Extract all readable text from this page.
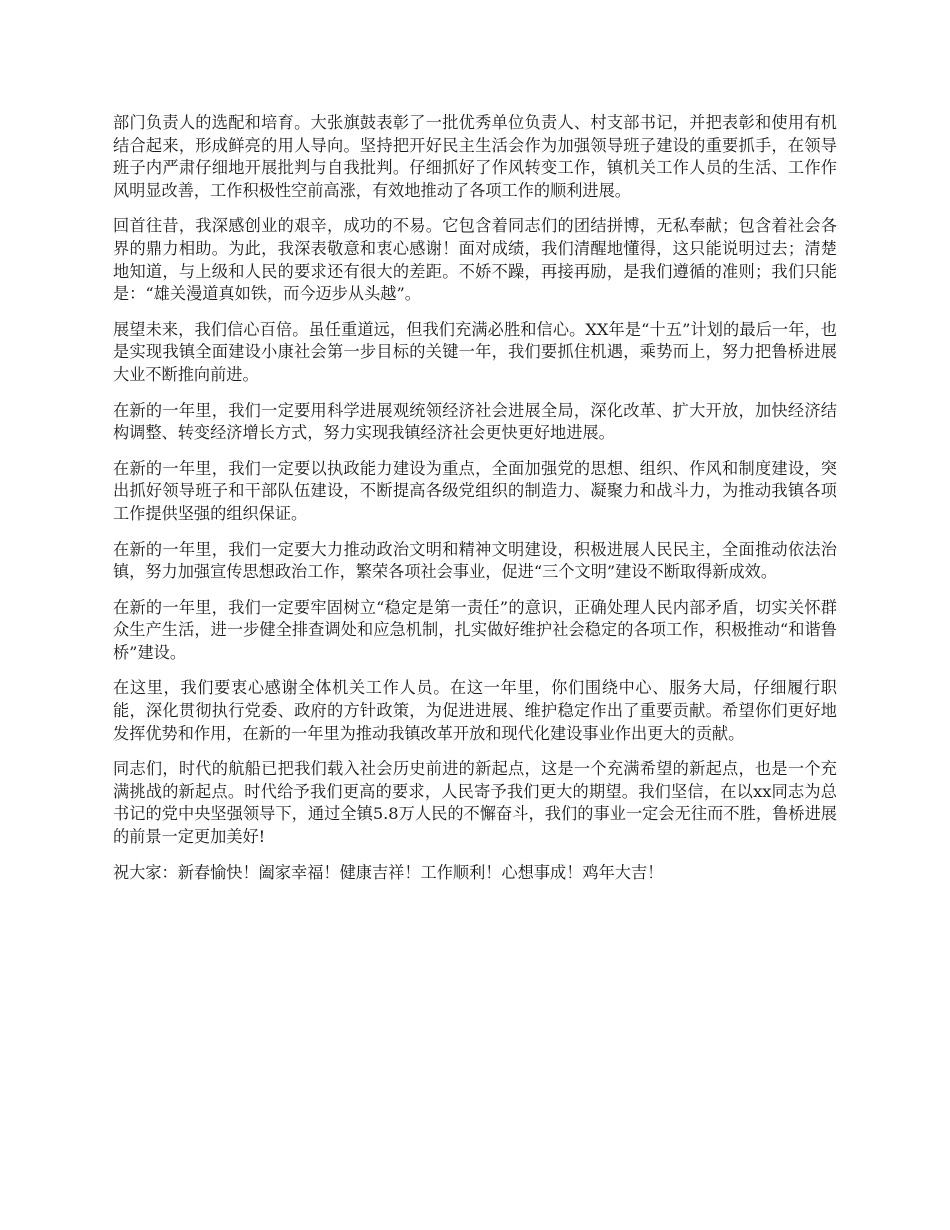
部门负责人的选配和培育。大张旗鼓表彰了一批优秀单位负责人、村支部书记，并把表彰和使用有机结合起来，形成鲜亮的用人导向。坚持把开好民主生活会作为加强领导班子建设的重要抓手，在领导班子内严肃仔细地开展批判与自我批判。仔细抓好了作风转变工作，镇机关工作人员的生活、工作作风明显改善，工作积极性空前高涨，有效地推动了各项工作的顺利进展。

回首往昔，我深感创业的艰辛，成功的不易。它包含着同志们的团结拼博，无私奉献；包含着社会各界的鼎力相助。为此，我深表敬意和衷心感谢！面对成绩，我们清醒地懂得，这只能说明过去；清楚地知道，与上级和人民的要求还有很大的差距。不娇不躁，再接再励，是我们遵循的准则；我们只能是：“雄关漫道真如铁，而今迈步从头越”。

展望未来，我们信心百倍。虽任重道远，但我们充满必胜和信心。XX年是“十五”计划的最后一年，也是实现我镇全面建设小康社会第一步目标的关键一年，我们要抓住机遇，乘势而上，努力把鲁桥进展大业不断推向前进。

在新的一年里，我们一定要用科学进展观统领经济社会进展全局，深化改革、扩大开放，加快经济结构调整、转变经济增长方式，努力实现我镇经济社会更快更好地进展。

在新的一年里，我们一定要以执政能力建设为重点，全面加强党的思想、组织、作风和制度建设，突出抓好领导班子和干部队伍建设，不断提高各级党组织的制造力、凝聚力和战斗力，为推动我镇各项工作提供坚强的组织保证。

在新的一年里，我们一定要大力推动政治文明和精神文明建设，积极进展人民民主，全面推动依法治镇，努力加强宣传思想政治工作，繁荣各项社会事业，促进“三个文明”建设不断取得新成效。

在新的一年里，我们一定要牢固树立“稳定是第一责任”的意识，正确处理人民内部矛盾，切实关怀群众生产生活，进一步健全排查调处和应急机制，扎实做好维护社会稳定的各项工作，积极推动“和谐鲁桥”建设。

在这里，我们要衷心感谢全体机关工作人员。在这一年里，你们围绕中心、服务大局，仔细履行职能，深化贯彻执行党委、政府的方针政策，为促进进展、维护稳定作出了重要贡献。希望你们更好地发挥优势和作用，在新的一年里为推动我镇改革开放和现代化建设事业作出更大的贡献。

同志们，时代的航船已把我们载入社会历史前进的新起点，这是一个充满希望的新起点，也是一个充满挑战的新起点。时代给予我们更高的要求，人民寄予我们更大的期望。我们坚信，在以xx同志为总书记的党中央坚强领导下，通过全镇5.8万人民的不懈奋斗，我们的事业一定会无往而不胜，鲁桥进展的前景一定更加美好!

祝大家：新春愉快！阖家幸福！健康吉祥！工作顺利！心想事成！鸡年大吉！
